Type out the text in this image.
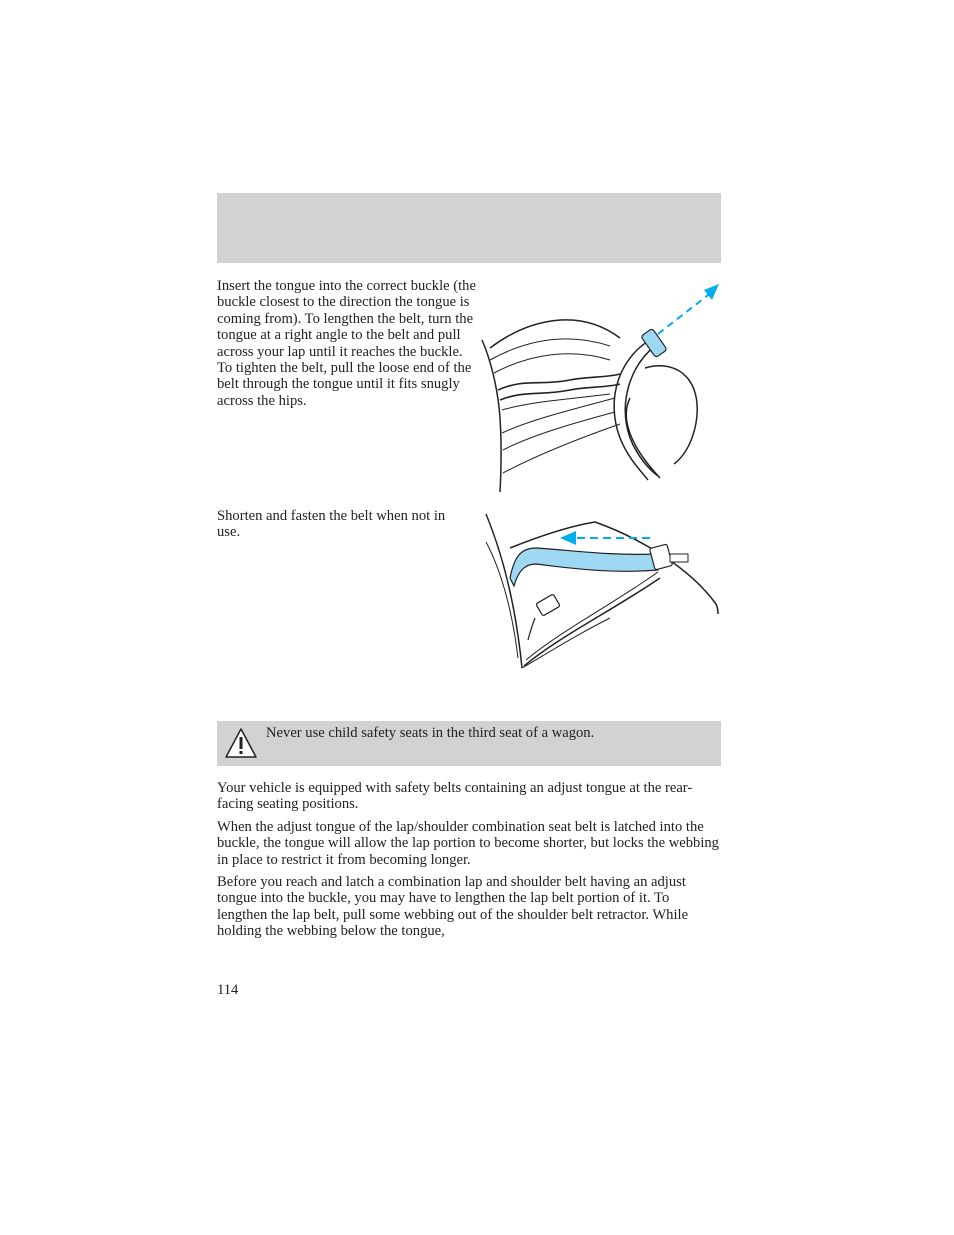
Insert the tongue into the correct buckle (the buckle closest to the direction the tongue is coming from). To lengthen the belt, turn the tongue at a right angle to the belt and pull across your lap until it reaches the buckle. To tighten the belt, pull the loose end of the belt through the tongue until it fits snugly across the hips.
Shorten and fasten the belt when not in use.
Never use child safety seats in the third seat of a wagon.

Your vehicle is equipped with safety belts containing an adjust tongue at the rear-facing seating positions.

When the adjust tongue of the lap/shoulder combination seat belt is latched into the buckle, the tongue will allow the lap portion to become shorter, but locks the webbing in place to restrict it from becoming longer.

Before you reach and latch a combination lap and shoulder belt having an adjust tongue into the buckle, you may have to lengthen the lap belt portion of it. To lengthen the lap belt, pull some webbing out of the shoulder belt retractor. While holding the webbing below the tongue,

114
